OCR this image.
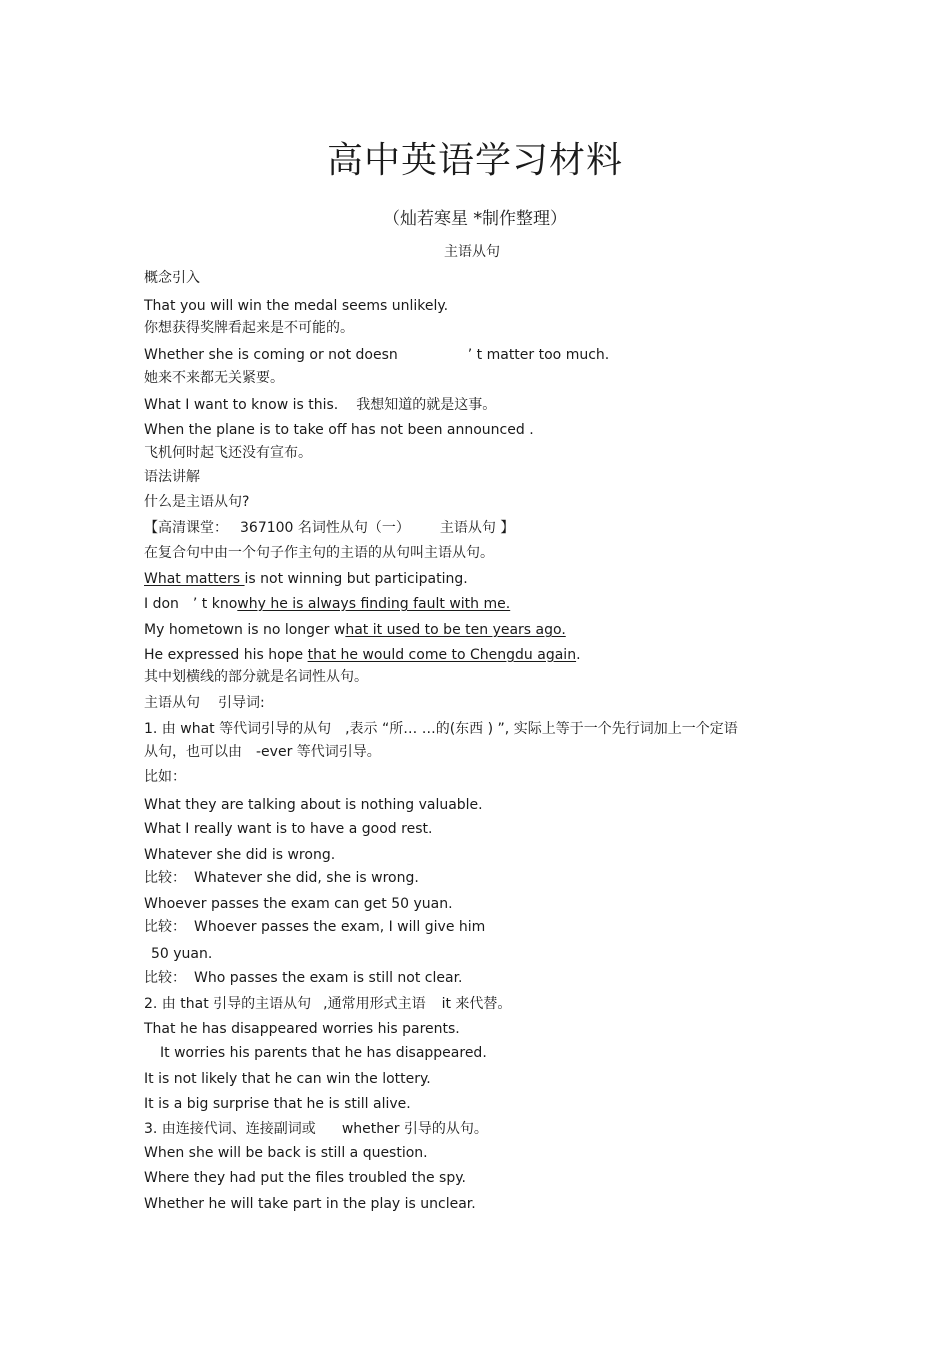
高中英语学习材料
（灿若寒星 *制作整理）
主语从句

概念引入

That you will win the medal seems unlikely.

你想获得奖牌看起来是不可能的。

Whether she is coming or not doesn	’ t matter too much.

她来不来都无关紧要。

What I want to know is this. 我想知道的就是这事。

When the plane is to take off has not been announced .

飞机何时起飞还没有宣布。

语法讲解

什么是主语从句?

【高清课堂： 367100 名词性从句（一） 主语从句 】

在复合句中由一个句子作主句的主语的从句叫主语从句。

What matters is not winning but participating.

I don ’ t knowhy he is always finding fault with me.

My hometown is no longer what it used to be ten years ago.

He expressed his hope that he would come to Chengdu again.

其中划横线的部分就是名词性从句。

主语从句 引导词:

1. 由 what 等代词引导的从句 ,表示 “所… …的(东西 ) ”, 实际上等于一个先行词加上一个定语

从句，也可以由 -ever 等代词引导。

比如：

What they are talking about is nothing valuable.

What I really want is to have a good rest.

Whatever she did is wrong.

比较： Whatever she did, she is wrong.

Whoever passes the exam can get 50 yuan.

比较： Whoever passes the exam, I will give him

50 yuan.

比较： Who passes the exam is still not clear.

2. 由 that 引导的主语从句 ,通常用形式主语 it 来代替。

That he has disappeared worries his parents.

It worries his parents that he has disappeared.

It is not likely that he can win the lottery.

It is a big surprise that he is still alive.

3. 由连接代词、连接副词或 whether 引导的从句。

When she will be back is still a question.

Where they had put the files troubled the spy.

Whether he will take part in the play is unclear.
